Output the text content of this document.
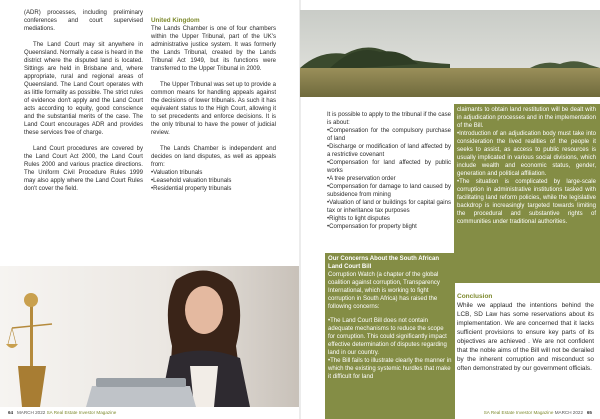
(ADR) processes, including preliminary conferences and court supervised mediations.

The Land Court may sit anywhere in Queensland. Normally a case is heard in the district where the disputed land is located. Sittings are held in Brisbane and, where appropriate, rural and regional areas of Queensland. The Land Court operates with as little formality as possible. The strict rules of evidence don't apply and the Land Court acts according to equity, good conscience and the substantial merits of the case. The Land Court encourages ADR and provides these services free of charge.

Land Court procedures are covered by the Land Court Act 2000, the Land Court Rules 2000 and various practice directions. The Uniform Civil Procedure Rules 1999 may also apply where the Land Court Rules don't cover the field.

United Kingdom

The Lands Chamber is one of four chambers within the Upper Tribunal, part of the UK's administrative justice system. It was formerly the Lands Tribunal, created by the Lands Tribunal Act 1949, but its functions were transferred to the Upper Tribunal in 2009.

The Upper Tribunal was set up to provide a common means for handling appeals against the decisions of lower tribunals. As such it has equivalent status to the High Court, allowing it to set precedents and enforce decisions. It is the only tribunal to have the power of judicial review.

The Lands Chamber is independent and decides on land disputes, as well as appeals from:

•Valuation tribunals

•Leasehold valuation tribunals

•Residential property tribunals

64 MARCH 2022 SA Real Estate Investor Magazine

It is possible to apply to the tribunal if the case is about:

•Compensation for the compulsory purchase of land

•Discharge or modification of land affected by a restrictive covenant

•Compensation for land affected by public works

•A tree preservation order

•Compensation for damage to land caused by subsidence from mining

•Valuation of land or buildings for capital gains tax or inheritance tax purposes

•Rights to light disputes

•Compensation for property blight

Our Concerns About the South African Land Court Bill

Corruption Watch (a chapter of the global coalition against corruption, Transparency International, which is working to fight corruption in South Africa) has raised the following concerns:

•The Land Court Bill does not contain adequate mechanisms to reduce the scope for corruption. This could significantly impact effective determination of disputes regarding land in our country.

•The Bill fails to illustrate clearly the manner in which the existing systemic hurdles that make it difficult for land

claimants to obtain land restitution will be dealt with in adjudication processes and in the implementation of the Bill.

•Introduction of an adjudication body must take into consideration the lived realities of the people it seeks to assist, as access to public resources is usually implicated in various social divisions, which include wealth and economic status, gender, generation and political affiliation.

•The situation is complicated by large-scale corruption in administrative institutions tasked with facilitating land reform policies, while the legislative backdrop is increasingly targeted towards limiting the procedural and substantive rights of communities under traditional authorities.

Conclusion

While we applaud the intentions behind the LCB, SD Law has some reservations about its implementation. We are concerned that it lacks sufficient provisions to ensure key parts of its objectives are achieved . We are not confident that the noble aims of the Bill will not be derailed by the inherent corruption and misconduct so often demonstrated by our government officials.

SA Real Estate Investor Magazine MARCH 2022 65
